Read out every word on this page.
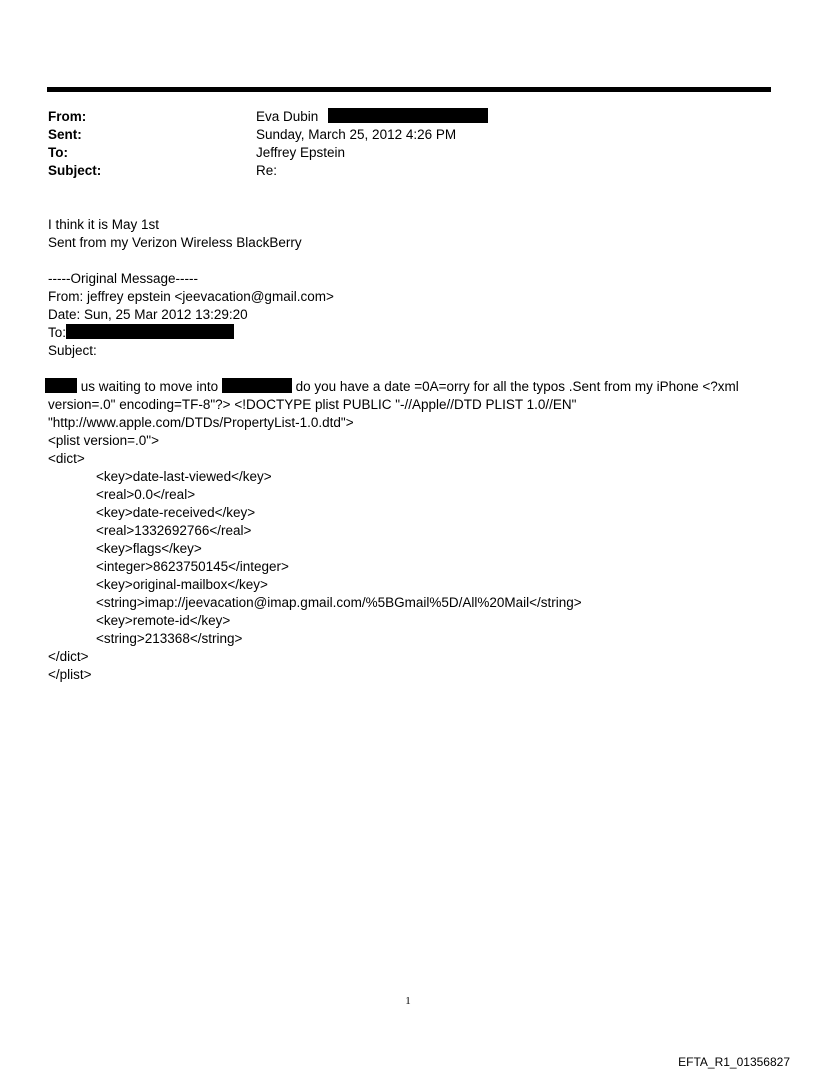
From:	Eva Dubin
Sent:	Sunday, March 25, 2012 4:26 PM
To:	Jeffrey Epstein
Subject:	Re:
I think it is May 1st
Sent from my Verizon Wireless BlackBerry
-----Original Message-----
From: jeffrey epstein <jeevacation@gmail.com>
Date: Sun, 25 Mar 2012 13:29:20
To:
Subject:
us waiting to move into	do you have a date =0A=orry for all the typos .Sent from my iPhone <?xml
version=.0" encoding=TF-8"?> <!DOCTYPE plist PUBLIC "-//Apple//DTD PLIST 1.0//EN"
"http://www.apple.com/DTDs/PropertyList-1.0.dtd">
<plist version=.0">
<dict>
<key>date-last-viewed</key>
<real>0.0</real>
<key>date-received</key>
<real>1332692766</real>
<key>flags</key>
<integer>8623750145</integer>
<key>original-mailbox</key>
<string>imap://jeevacation@imap.gmail.com/%5BGmail%5D/All%20Mail</string>
<key>remote-id</key>
<string>213368</string>
</dict>
</plist>
1
EFTA_R1_01356827
